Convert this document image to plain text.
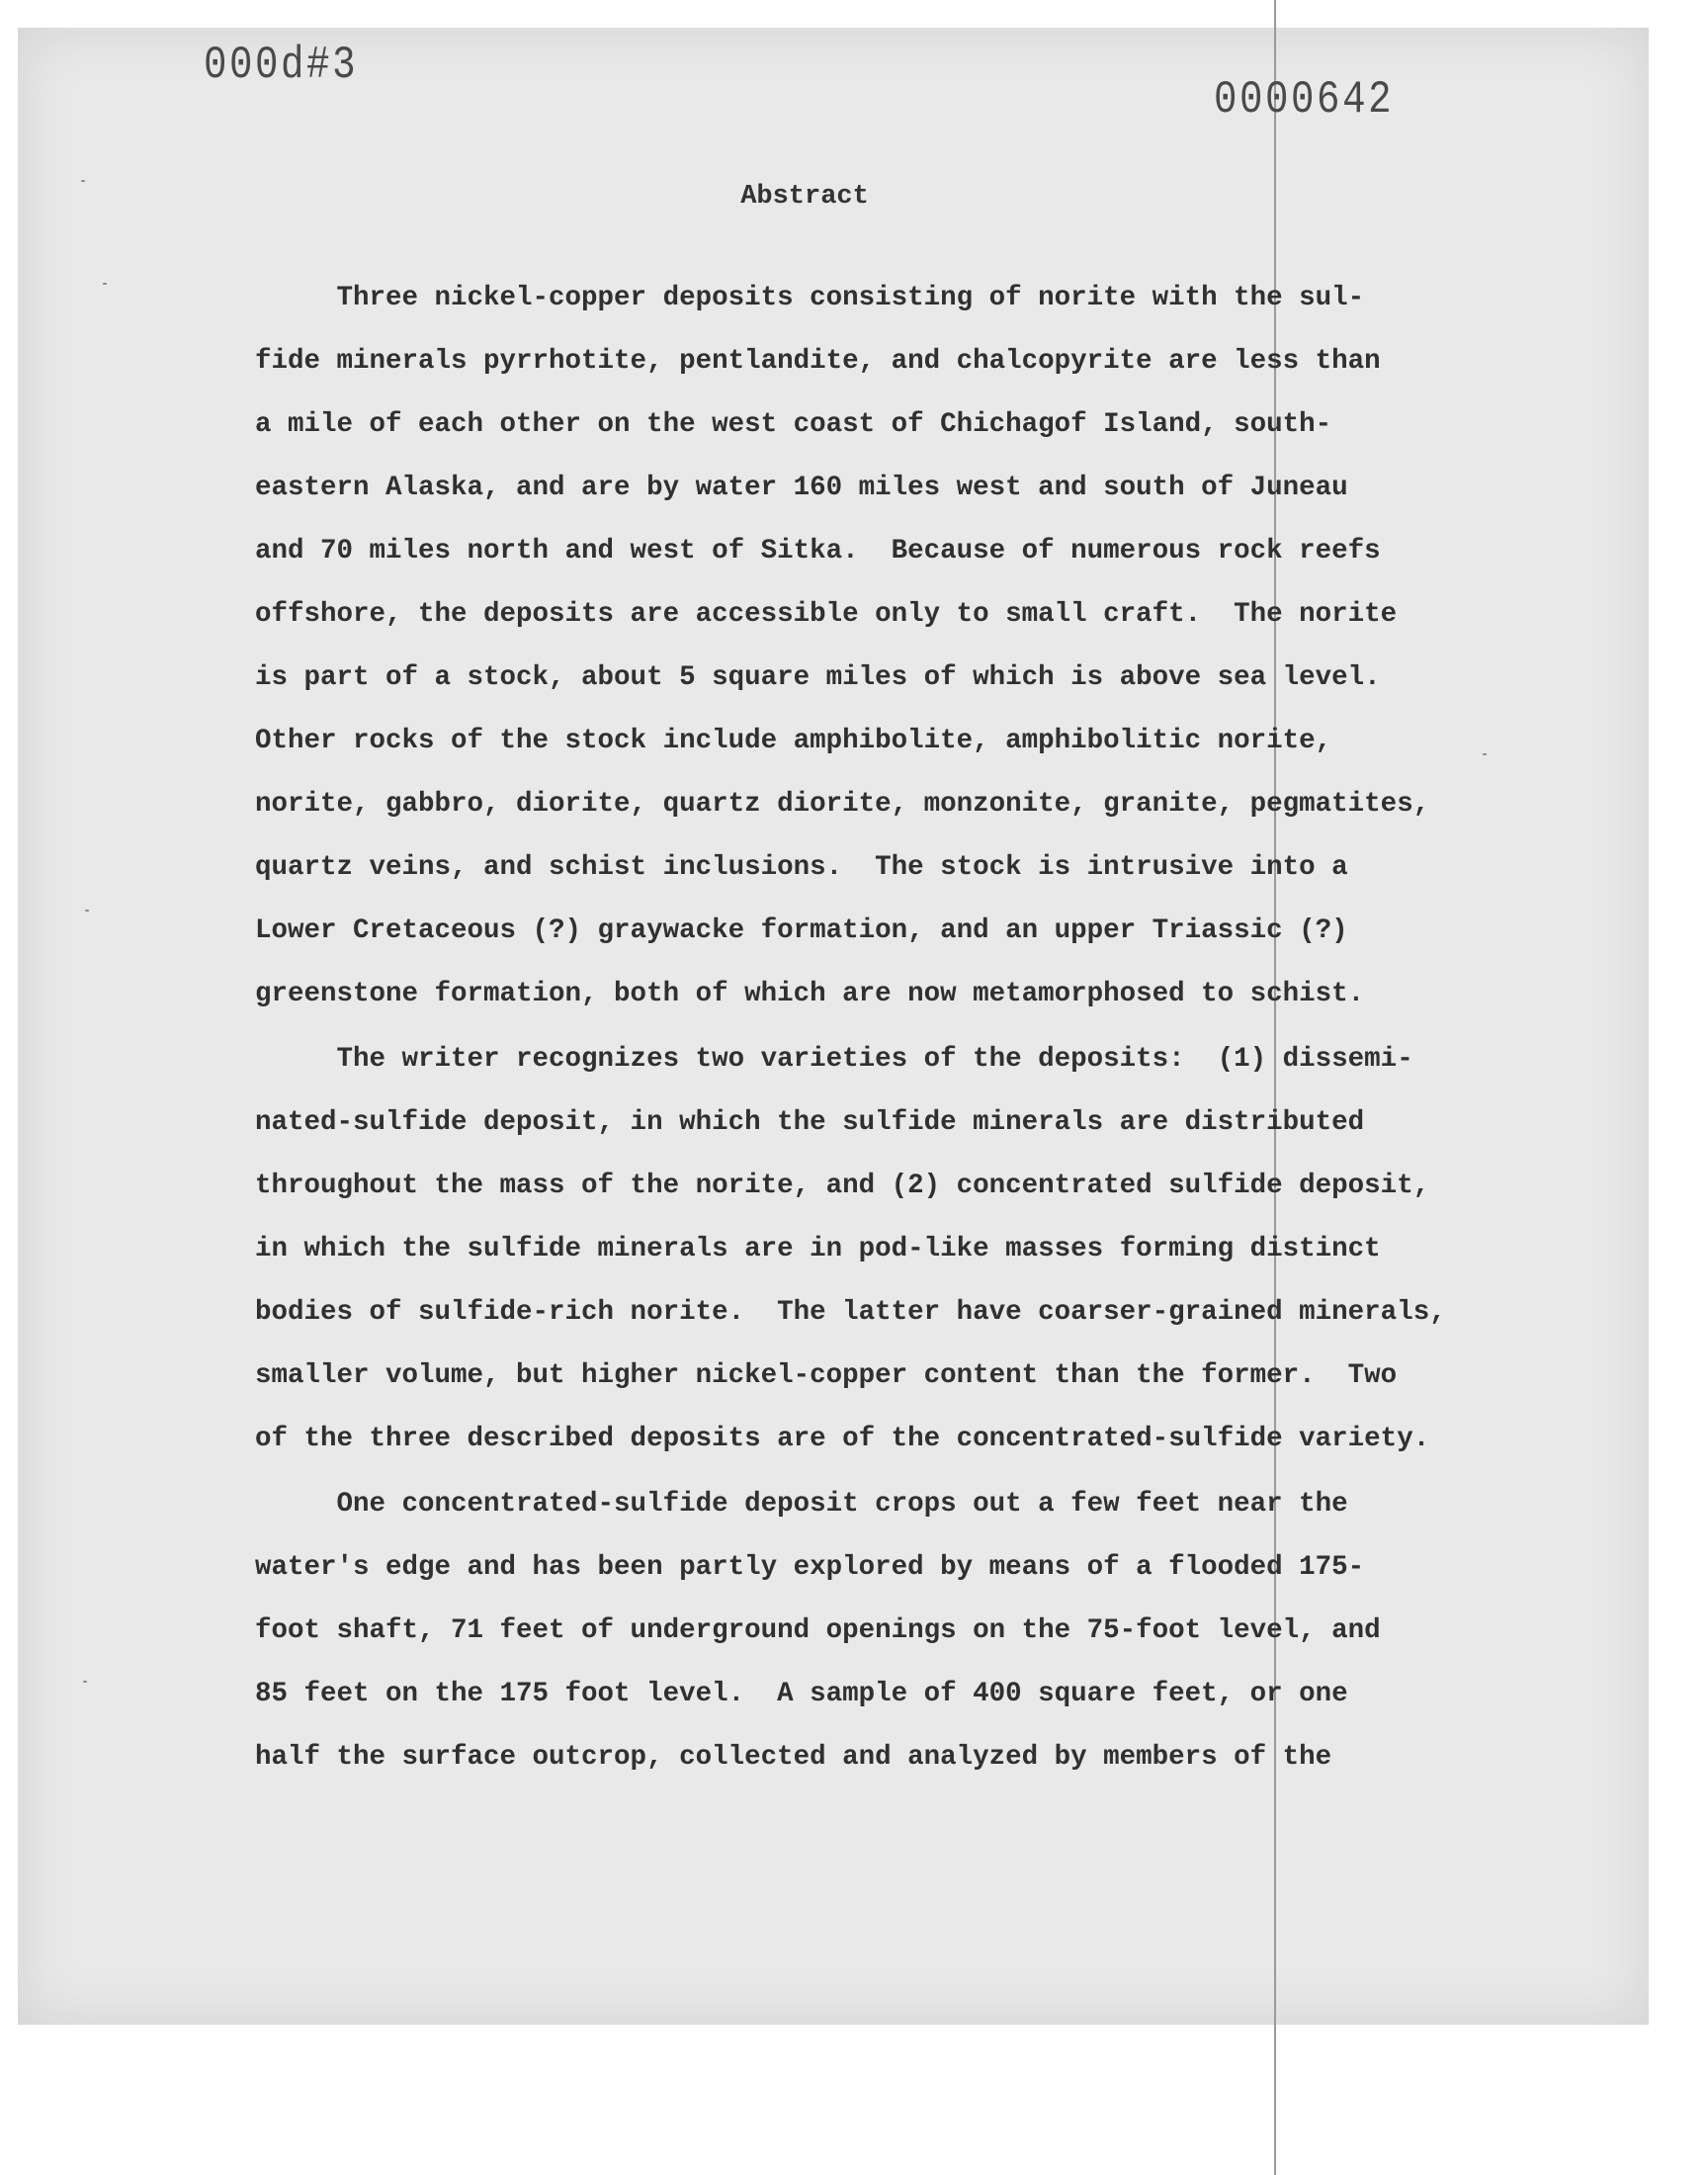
000d#3
0000642
Abstract
Three nickel-copper deposits consisting of norite with the sul-
fide minerals pyrrhotite, pentlandite, and chalcopyrite are less than
a mile of each other on the west coast of Chichagof Island, south-
eastern Alaska, and are by water 160 miles west and south of Juneau
and 70 miles north and west of Sitka.  Because of numerous rock reefs
offshore, the deposits are accessible only to small craft.  The norite
is part of a stock, about 5 square miles of which is above sea level.
Other rocks of the stock include amphibolite, amphibolitic norite,
norite, gabbro, diorite, quartz diorite, monzonite, granite, pegmatites,
quartz veins, and schist inclusions.  The stock is intrusive into a
Lower Cretaceous (?) graywacke formation, and an upper Triassic (?)
greenstone formation, both of which are now metamorphosed to schist.
The writer recognizes two varieties of the deposits:  (1) dissemi-
nated-sulfide deposit, in which the sulfide minerals are distributed
throughout the mass of the norite, and (2) concentrated sulfide deposit,
in which the sulfide minerals are in pod-like masses forming distinct
bodies of sulfide-rich norite.  The latter have coarser-grained minerals,
smaller volume, but higher nickel-copper content than the former.  Two
of the three described deposits are of the concentrated-sulfide variety.
One concentrated-sulfide deposit crops out a few feet near the
water's edge and has been partly explored by means of a flooded 175-
foot shaft, 71 feet of underground openings on the 75-foot level, and
85 feet on the 175 foot level.  A sample of 400 square feet, or one
half the surface outcrop, collected and analyzed by members of the
